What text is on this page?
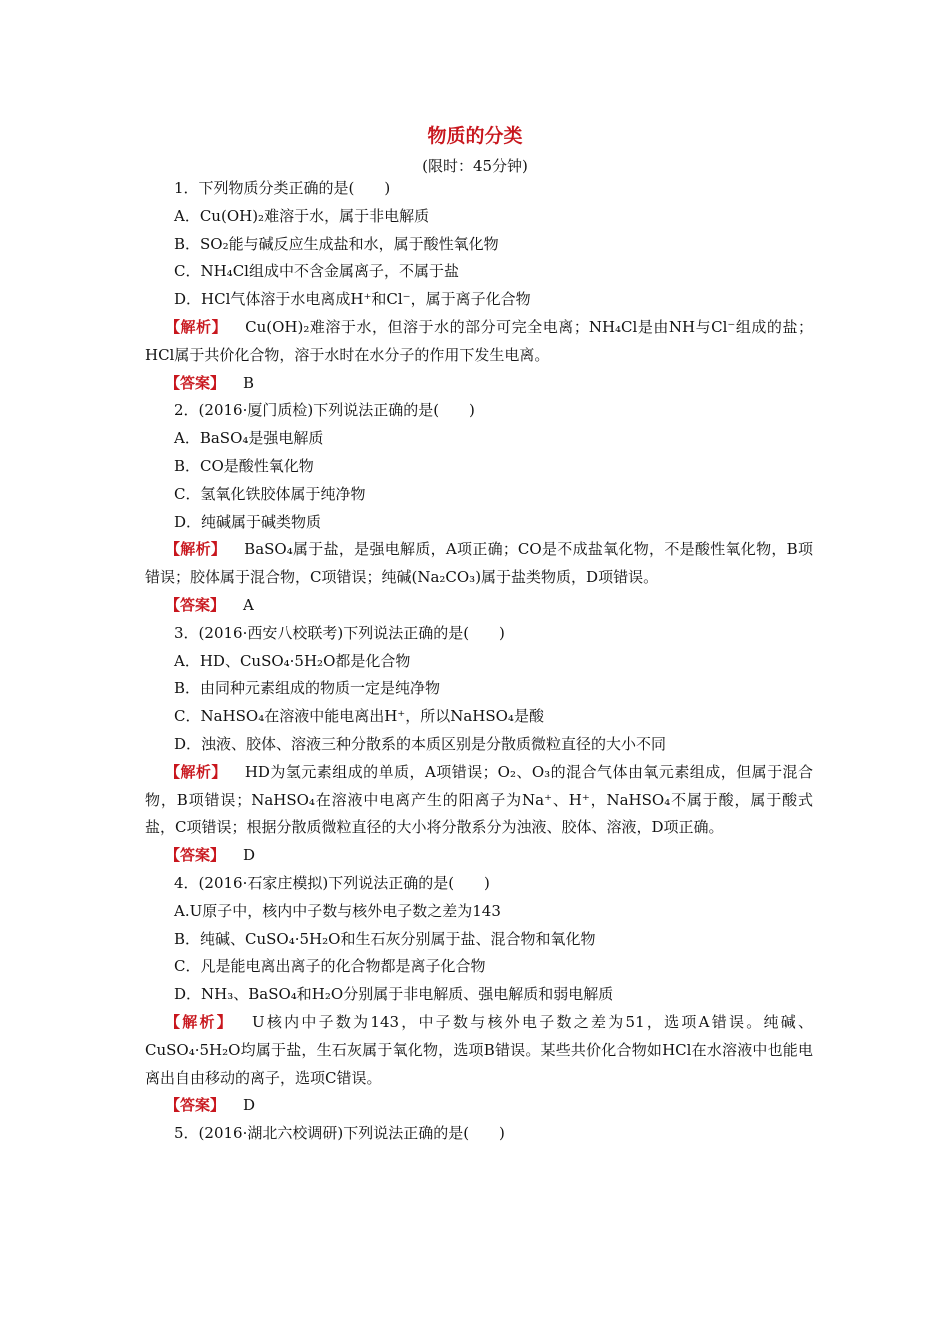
物质的分类
(限时：45分钟)

1．下列物质分类正确的是(　　)

A．Cu(OH)₂难溶于水，属于非电解质

B．SO₂能与碱反应生成盐和水，属于酸性氧化物

C．NH₄Cl组成中不含金属离子，不属于盐

D．HCl气体溶于水电离成H⁺和Cl⁻，属于离子化合物

【解析】 Cu(OH)₂难溶于水，但溶于水的部分可完全电离；NH₄Cl是由NH与Cl⁻组成的盐；HCl属于共价化合物，溶于水时在水分子的作用下发生电离。

【答案】 B

2．(2016·厦门质检)下列说法正确的是(　　)

A．BaSO₄是强电解质

B．CO是酸性氧化物

C．氢氧化铁胶体属于纯净物

D．纯碱属于碱类物质

【解析】 BaSO₄属于盐，是强电解质，A项正确；CO是不成盐氧化物，不是酸性氧化物，B项错误；胶体属于混合物，C项错误；纯碱(Na₂CO₃)属于盐类物质，D项错误。

【答案】 A

3．(2016·西安八校联考)下列说法正确的是(　　)

A．HD、CuSO₄·5H₂O都是化合物

B．由同种元素组成的物质一定是纯净物

C．NaHSO₄在溶液中能电离出H⁺，所以NaHSO₄是酸

D．浊液、胶体、溶液三种分散系的本质区别是分散质微粒直径的大小不同

【解析】 HD为氢元素组成的单质，A项错误；O₂、O₃的混合气体由氧元素组成，但属于混合物，B项错误；NaHSO₄在溶液中电离产生的阳离子为Na⁺、H⁺，NaHSO₄不属于酸，属于酸式盐，C项错误；根据分散质微粒直径的大小将分散系分为浊液、胶体、溶液，D项正确。

【答案】 D

4．(2016·石家庄模拟)下列说法正确的是(　　)

A.U原子中，核内中子数与核外电子数之差为143

B．纯碱、CuSO₄·5H₂O和生石灰分别属于盐、混合物和氧化物

C．凡是能电离出离子的化合物都是离子化合物

D．NH₃、BaSO₄和H₂O分别属于非电解质、强电解质和弱电解质

【解析】 U核内中子数为143，中子数与核外电子数之差为51，选项A错误。纯碱、CuSO₄·5H₂O均属于盐，生石灰属于氧化物，选项B错误。某些共价化合物如HCl在水溶液中也能电离出自由移动的离子，选项C错误。

【答案】 D

5．(2016·湖北六校调研)下列说法正确的是(　　)
